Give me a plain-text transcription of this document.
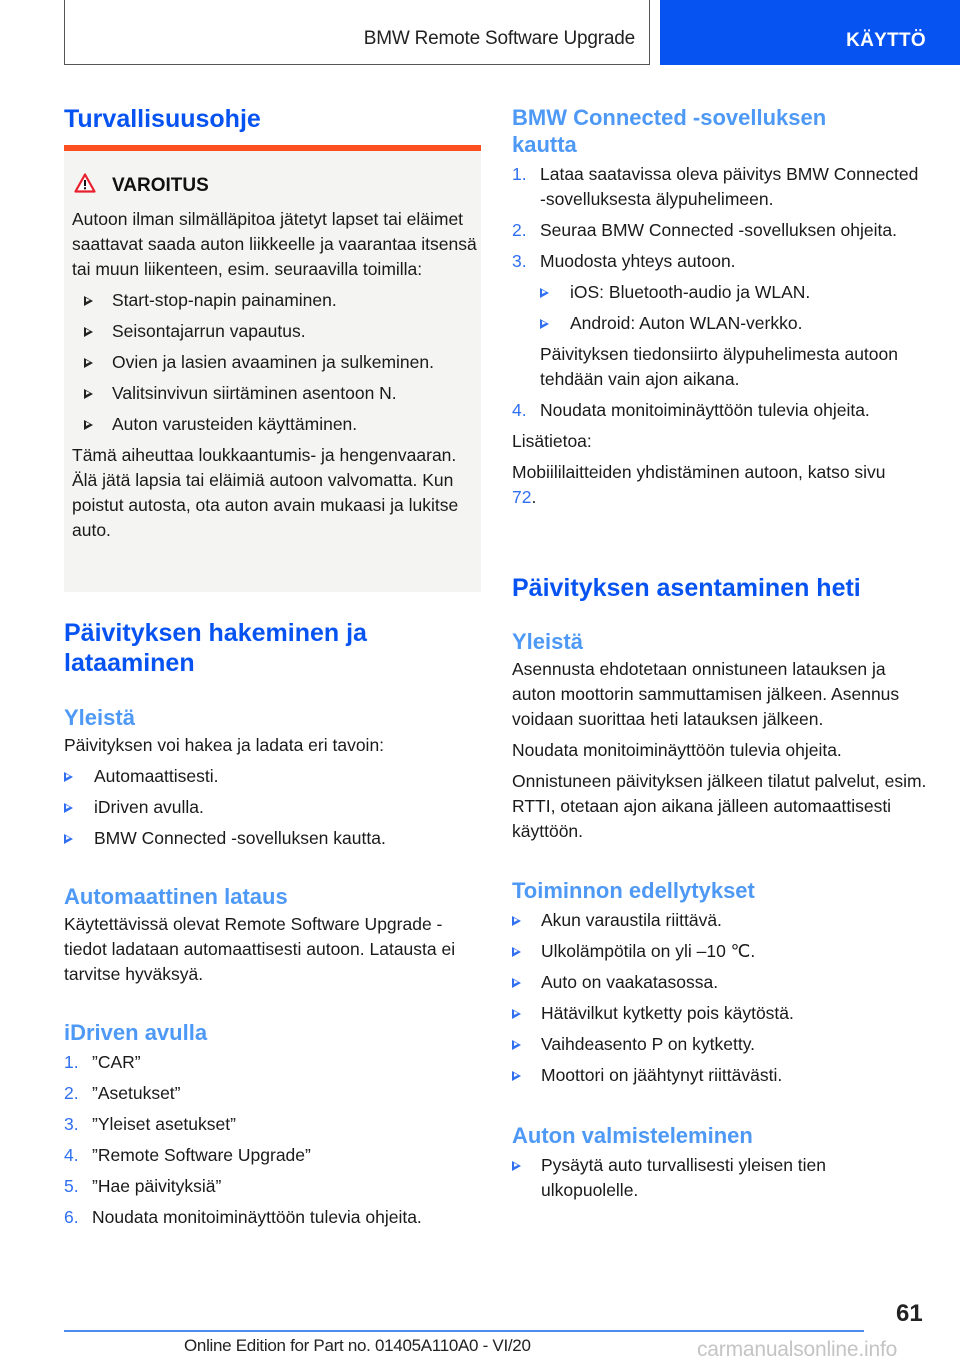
BMW Remote Software Upgrade	KÄYTTÖ
Turvallisuusohje
VAROITUS

Autoon ilman silmälläpitoa jätetyt lapset tai eläimet saattavat saada auton liikkeelle ja vaarantaa itsensä tai muun liikenteen, esim. seuraavilla toimilla:

Start-stop-napin painaminen.
Seisontajarrun vapautus.
Ovien ja lasien avaaminen ja sulkeminen.
Valitsinvivun siirtäminen asentoon N.
Auton varusteiden käyttäminen.

Tämä aiheuttaa loukkaantumis- ja hengenvaaran. Älä jätä lapsia tai eläimiä autoon valvomatta. Kun poistut autosta, ota auton avain mukaasi ja lukitse auto.

Päivityksen hakeminen ja lataaminen
Yleistä

Päivityksen voi hakea ja ladata eri tavoin:

Automaattisesti.
iDriven avulla.
BMW Connected -sovelluksen kautta.
Automaattinen lataus

Käytettävissä olevat Remote Software Upgrade -tiedot ladataan automaattisesti autoon. Latausta ei tarvitse hyväksyä.

iDriven avulla
1. ”CAR”
2. ”Asetukset”
3. ”Yleiset asetukset”
4. ”Remote Software Upgrade”
5. ”Hae päivityksiä”
6. Noudata monitoiminäyttöön tulevia ohjeita.
BMW Connected -sovelluksen kautta
1. Lataa saatavissa oleva päivitys BMW Connected -sovelluksesta älypuhelimeen.
2. Seuraa BMW Connected -sovelluksen ohjeita.
3. Muodosta yhteys autoon.
iOS: Bluetooth-audio ja WLAN.
Android: Auton WLAN-verkko.

Päivityksen tiedonsiirto älypuhelimesta autoon tehdään vain ajon aikana.

4. Noudata monitoiminäyttöön tulevia ohjeita.

Lisätietoa:

Mobiililaitteiden yhdistäminen autoon, katso sivu 72.

Päivityksen asentaminen heti
Yleistä

Asennusta ehdotetaan onnistuneen latauksen ja auton moottorin sammuttamisen jälkeen. Asennus voidaan suorittaa heti latauksen jälkeen.

Noudata monitoiminäyttöön tulevia ohjeita.

Onnistuneen päivityksen jälkeen tilatut palvelut, esim. RTTI, otetaan ajon aikana jälleen automaattisesti käyttöön.

Toiminnon edellytykset
Akun varaustila riittävä.
Ulkolämpötila on yli –10 ℃.
Auto on vaakatasossa.
Hätävilkut kytketty pois käytöstä.
Vaihdeasento P on kytketty.
Moottori on jäähtynyt riittävästi.
Auton valmisteleminen
Pysäytä auto turvallisesti yleisen tien ulkopuolelle.
61
Online Edition for Part no. 01405A110A0 - VI/20	carmanualsonline.info
